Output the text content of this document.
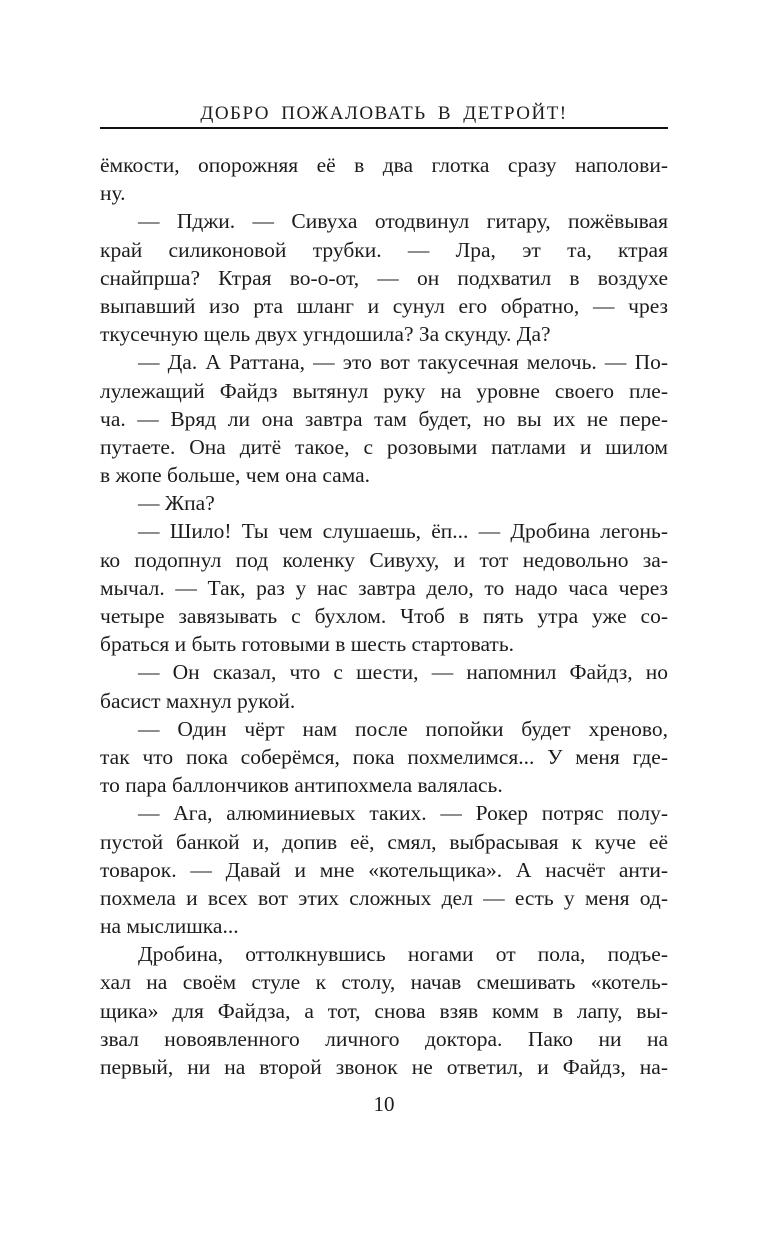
ДОБРО ПОЖАЛОВАТЬ В ДЕТРОЙТ!
ёмкости, опорожняя её в два глотка сразу наполови-
ну.
— Пджи. — Сивуха отодвинул гитару, пожёвывая
край силиконовой трубки. — Лра, эт та, ктрая
снайпрша? Ктрая во-о-от, — он подхватил в воздухе
выпавший изо рта шланг и сунул его обратно, — чрез
ткусечную щель двух угндошила? За скунду. Да?
— Да. А Раттана, — это вот такусечная мелочь. — По-
лулежащий Файдз вытянул руку на уровне своего пле-
ча. — Вряд ли она завтра там будет, но вы их не пере-
путаете. Она дитё такое, с розовыми патлами и шилом
в жопе больше, чем она сама.
— Жпа?
— Шило! Ты чем слушаешь, ёп... — Дробина легонь-
ко подопнул под коленку Сивуху, и тот недовольно за-
мычал. — Так, раз у нас завтра дело, то надо часа через
четыре завязывать с бухлом. Чтоб в пять утра уже со-
браться и быть готовыми в шесть стартовать.
— Он сказал, что с шести, — напомнил Файдз, но
басист махнул рукой.
— Один чёрт нам после попойки будет хреново,
так что пока соберёмся, пока похмелимся... У меня где-
то пара баллончиков антипохмела валялась.
— Ага, алюминиевых таких. — Рокер потряс полу-
пустой банкой и, допив её, смял, выбрасывая к куче её
товарок. — Давай и мне «котельщика». А насчёт анти-
похмела и всех вот этих сложных дел — есть у меня од-
на мыслишка...
Дробина, оттолкнувшись ногами от пола, подъе-
хал на своём стуле к столу, начав смешивать «котель-
щика» для Файдза, а тот, снова взяв комм в лапу, вы-
звал новоявленного личного доктора. Пако ни на
первый, ни на второй звонок не ответил, и Файдз, на-
10
